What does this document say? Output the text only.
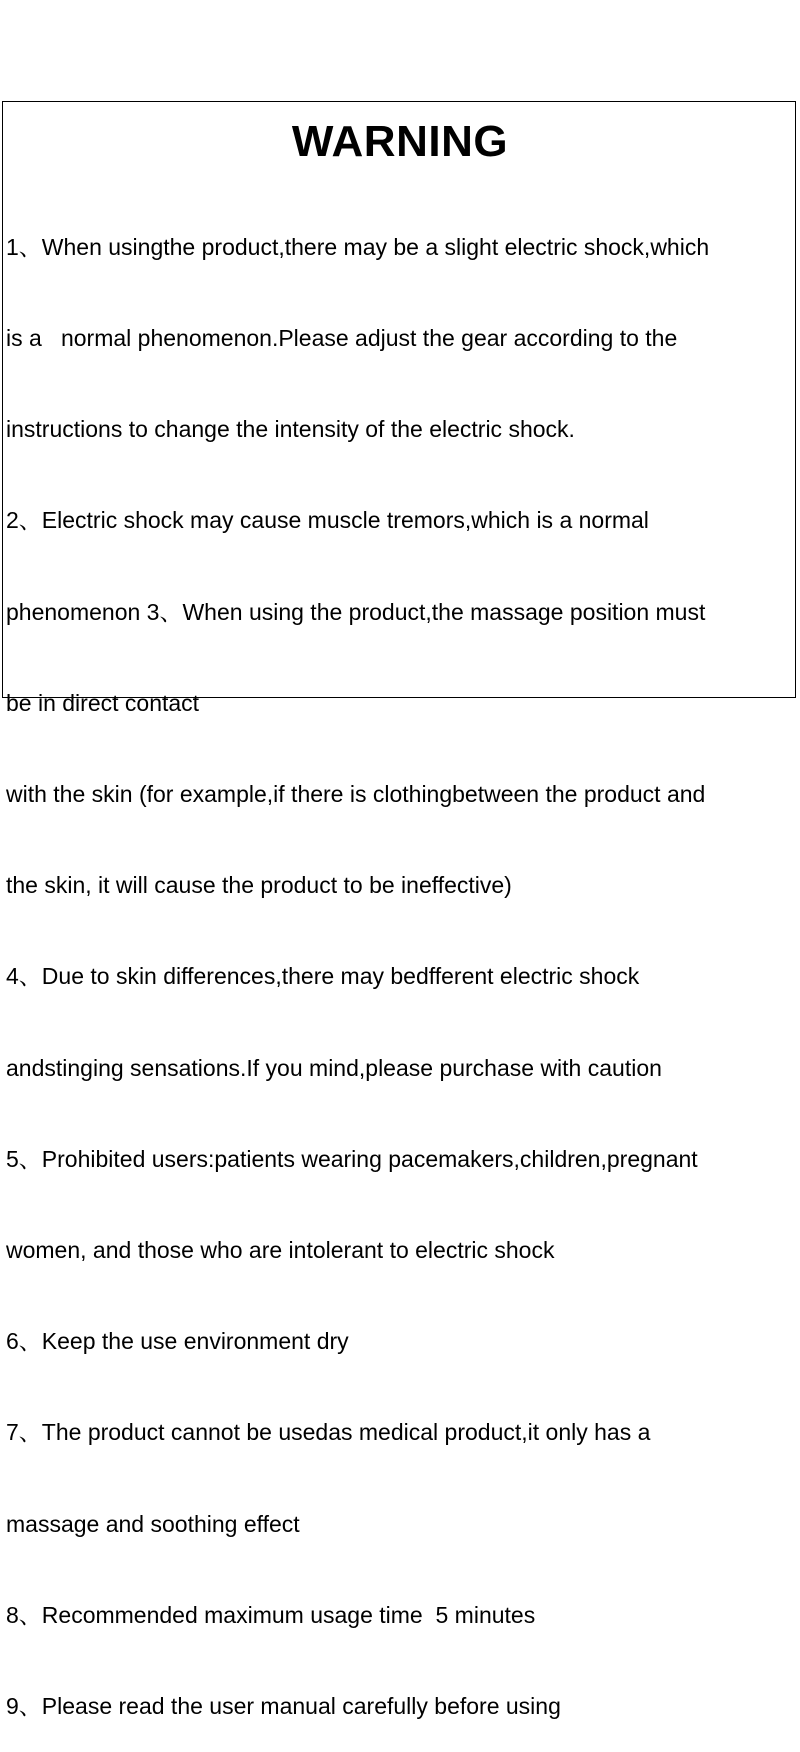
WARNING

1、When usingthe product,there may be a slight electric shock,which

is a   normal phenomenon.Please adjust the gear according to the

instructions to change the intensity of the electric shock.

2、Electric shock may cause muscle tremors,which is a normal

phenomenon 3、When using the product,the massage position must

be in direct contact

with the skin (for example,if there is clothingbetween the product and

the skin, it will cause the product to be ineffective)

4、Due to skin differences,there may bedfferent electric shock

andstinging sensations.If you mind,please purchase with caution

5、Prohibited users:patients wearing pacemakers,children,pregnant

women, and those who are intolerant to electric shock

6、Keep the use environment dry

7、The product cannot be usedas medical product,it only has a

massage and soothing effect

8、Recommended maximum usage time  5 minutes

9、Please read the user manual carefully before using
